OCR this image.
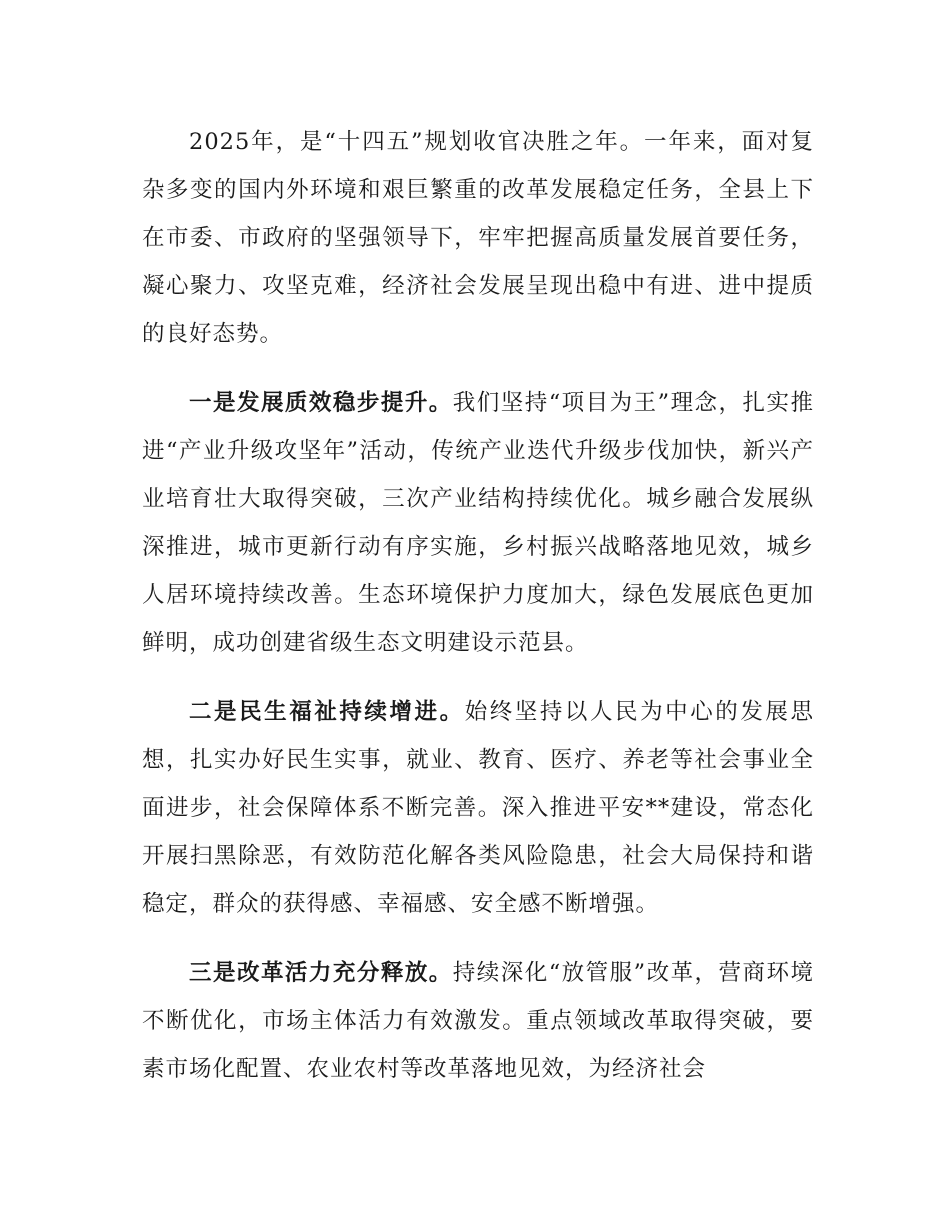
2025年，是“十四五”规划收官决胜之年。一年来，面对复杂多变的国内外环境和艰巨繁重的改革发展稳定任务，全县上下在市委、市政府的坚强领导下，牢牢把握高质量发展首要任务，凝心聚力、攻坚克难，经济社会发展呈现出稳中有进、进中提质的良好态势。

一是发展质效稳步提升。我们坚持“项目为王”理念，扎实推进“产业升级攻坚年”活动，传统产业迭代升级步伐加快，新兴产业培育壮大取得突破，三次产业结构持续优化。城乡融合发展纵深推进，城市更新行动有序实施，乡村振兴战略落地见效，城乡人居环境持续改善。生态环境保护力度加大，绿色发展底色更加鲜明，成功创建省级生态文明建设示范县。

二是民生福祉持续增进。始终坚持以人民为中心的发展思想，扎实办好民生实事，就业、教育、医疗、养老等社会事业全面进步，社会保障体系不断完善。深入推进平安**建设，常态化开展扫黑除恶，有效防范化解各类风险隐患，社会大局保持和谐稳定，群众的获得感、幸福感、安全感不断增强。

三是改革活力充分释放。持续深化“放管服”改革，营商环境不断优化，市场主体活力有效激发。重点领域改革取得突破，要素市场化配置、农业农村等改革落地见效，为经济社会
